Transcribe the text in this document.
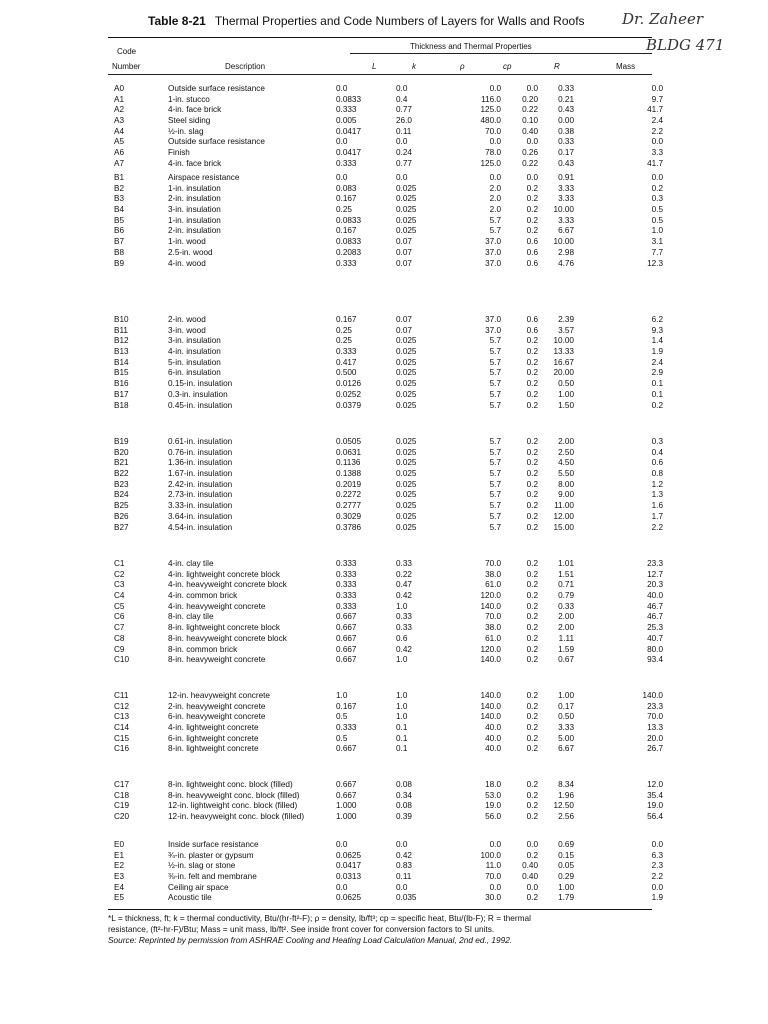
Table 8-21 Thermal Properties and Code Numbers of Layers for Walls and Roofs Dr. Zaheer
BLDG 471
Code
Thickness and Thermal Properties
Number	Description	L	k	ρ	cp	R	Mass
A0	Outside surface resistance	0.0	0.0	0.0	0.0 0.33	0.0
A1	1-in. stucco	0.0833	0.4	116.0	0.20 0.21	9.7
A2	4-in. face brick	0.333	0.77	125.0	0.22 0.43	41.7
A3	Steel siding	0.005	26.0	480.0	0.10 0.00	2.4
A4	½-in. slag	0.0417	0.11	70.0	0.40 0.38	2.2
A5	Outside surface resistance	0.0	0.0	0.0	0.0 0.33	0.0
A6	Finish	0.0417	0.24	78.0	0.26 0.17	3.3
A7	4-in. face brick	0.333	0.77	125.0	0.22 0.43	41.7
B1	Airspace resistance	0.0	0.0	0.0	0.0 0.91	0.0
B2	1-in. insulation	0.083	0.025	2.0	0.2 3.33	0.2
B3	2-in. insulation	0.167	0.025	2.0	0.2 3.33	0.3
B4	3-in. insulation	0.25	0.025	2.0	0.2 10.00	0.5
B5	1-in. insulation	0.0833	0.025	5.7	0.2 3.33	0.5
B6	2-in. insulation	0.167	0.025	5.7	0.2 6.67	1.0
B7	1-in. wood	0.0833	0.07	37.0	0.6 10.00	3.1
B8	2.5-in. wood	0.2083	0.07	37.0	0.6 2.98	7.7
B9	4-in. wood	0.333	0.07	37.0	0.6 4.76	12.3
B10	2-in. wood	0.167	0.07	37.0	0.6 2.39	6.2
B11	3-in. wood	0.25	0.07	37.0	0.6 3.57	9.3
B12	3-in. insulation	0.25	0.025	5.7	0.2 10.00	1.4
B13	4-in. insulation	0.333	0.025	5.7	0.2 13.33	1.9
B14	5-in. insulation	0.417	0.025	5.7	0.2 16.67	2.4
B15	6-in. insulation	0.500	0.025	5.7	0.2 20.00	2.9
B16	0.15-in. insulation	0.0126	0.025	5.7	0.2 0.50	0.1
B17	0.3-in. insulation	0.0252	0.025	5.7	0.2 1.00	0.1
B18	0.45-in. insulation	0.0379	0.025	5.7	0.2 1.50	0.2
B19	0.61-in. insulation	0.0505	0.025	5.7	0.2 2.00	0.3
B20	0.76-in. insulation	0.0631	0.025	5.7	0.2 2.50	0.4
B21	1.36-in. insulation	0.1136	0.025	5.7	0.2 4.50	0.6
B22	1.67-in. insulation	0.1388	0.025	5.7	0.2 5.50	0.8
B23	2.42-in. insulation	0.2019	0.025	5.7	0.2 8.00	1.2
B24	2.73-in. insulation	0.2272	0.025	5.7	0.2 9.00	1.3
B25	3.33-in. insulation	0.2777	0.025	5.7	0.2 11.00	1.6
B26	3.64-in. insulation	0.3029	0.025	5.7	0.2 12.00	1.7
B27	4.54-in. insulation	0.3786	0.025	5.7	0.2 15.00	2.2
C1	4-in. clay tile	0.333	0.33	70.0	0.2 1.01	23.3
C2	4-in. lightweight concrete block	0.333	0.22	38.0	0.2 1.51	12.7
C3	4-in. heavyweight concrete block	0.333	0.47	61.0	0.2 0.71	20.3
C4	4-in. common brick	0.333	0.42	120.0	0.2 0.79	40.0
C5	4-in. heavyweight concrete	0.333	1.0	140.0	0.2 0.33	46.7
C6	8-in. clay tile	0.667	0.33	70.0	0.2 2.00	46.7
C7	8-in. lightweight concrete block	0.667	0.33	38.0	0.2 2.00	25.3
C8	8-in. heavyweight concrete block	0.667	0.6	61.0	0.2	1.11	40.7
C9	8-in. common brick	0.667	0.42	120.0	0.2 1.59	80.0
C10	8-in. heavyweight concrete	0.667	1.0	140.0	0.2 0.67	93.4
C11	12-in. heavyweight concrete	1.0	1.0	140.0	0.2 1.00	140.0
C12	2-in. heavyweight concrete	0.167	1.0	140.0	0.2 0.17	23.3
C13	6-in. heavyweight concrete	0.5	1.0	140.0	0.2 0.50	70.0
C14	4-in. lightweight concrete	0.333	0.1	40.0	0.2 3.33	13.3
C15	6-in. lightweight concrete	0.5	0.1	40.0	0.2 5.00	20.0
C16	8-in. lightweight concrete	0.667	0.1	40.0	0.2 6.67	26.7
C17	8-in. lightweight conc. block (filled)	0.667	0.08	18.0	0.2 8.34	12.0
C18	8-in. heavyweight conc. block (filled)	0.667	0.34	53.0	0.2 1.96	35.4
C19	12-in. lightweight conc. block (filled)	1.000	0.08	19.0	0.2 12.50	19.0
C20	12-in. heavyweight conc. block (filled)	1.000	0.39	56.0	0.2 2.56	56.4
E0	Inside surface resistance	0.0	0.0	0.0	0.0 0.69	0.0
E1	¾-in. plaster or gypsum	0.0625	0.42	100.0	0.2 0.15	6.3
E2	½-in. slag or stone	0.0417	0.83	11.0	0.40 0.05	2.3
E3	⅜-in. felt and membrane	0.0313	0.11	70.0	0.40 0.29	2.2
E4	Ceiling air space	0.0	0.0	0.0	0.0 1.00	0.0
E5	Acoustic tile	0.0625	0.035	30.0	0.2 1.79	1.9
*L = thickness, ft; k = thermal conductivity, Btu/(hr-ft²-F); ρ = density, lb/ft³; cp = specific heat, Btu/(lb-F); R = thermal
resistance, (ft²-hr-F)/Btu; Mass = unit mass, lb/ft². See inside front cover for conversion factors to SI units.
Source: Reprinted by permission from ASHRAE Cooling and Heating Load Calculation Manual, 2nd ed., 1992.
